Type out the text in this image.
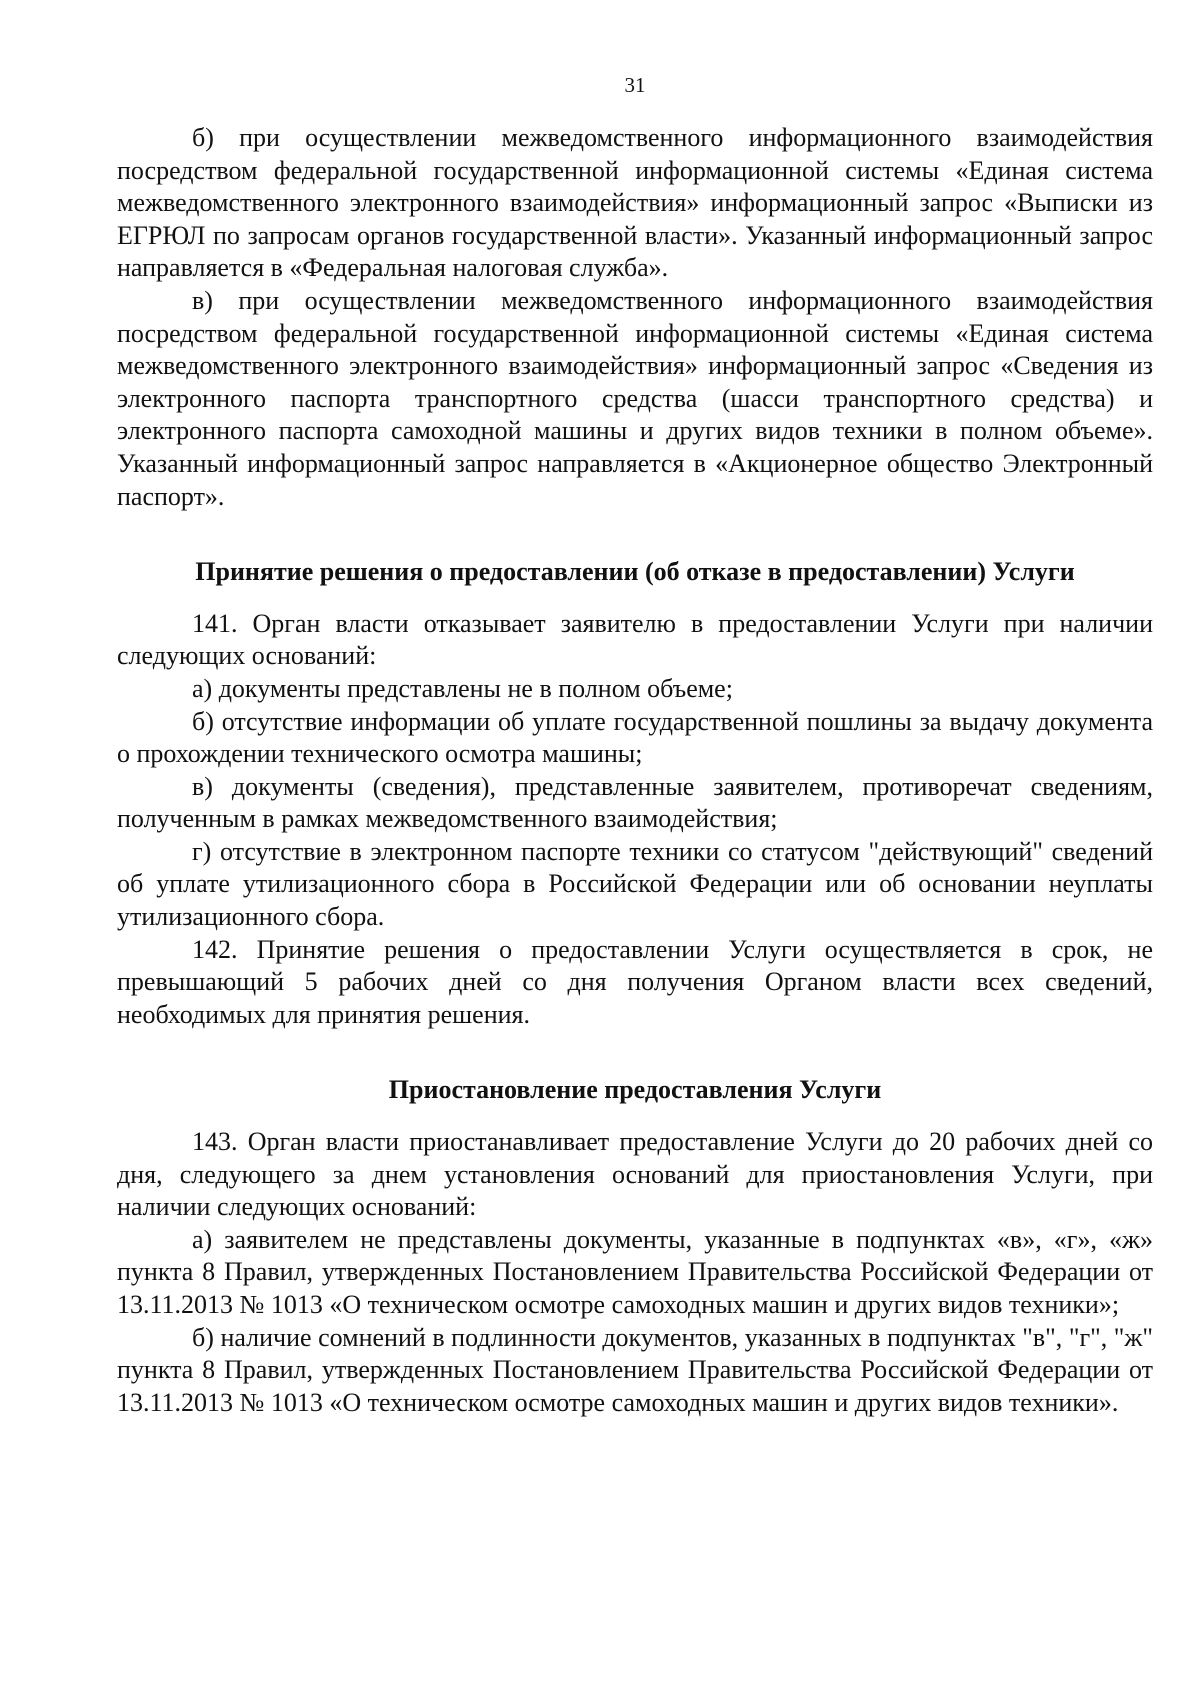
31

б) при осуществлении межведомственного информационного взаимодействия посредством федеральной государственной информационной системы «Единая система межведомственного электронного взаимодействия» информационный запрос «Выписки из ЕГРЮЛ по запросам органов государственной власти». Указанный информационный запрос направляется в «Федеральная налоговая служба».

в) при осуществлении межведомственного информационного взаимодействия посредством федеральной государственной информационной системы «Единая система межведомственного электронного взаимодействия» информационный запрос «Сведения из электронного паспорта транспортного средства (шасси транспортного средства) и электронного паспорта самоходной машины и других видов техники в полном объеме». Указанный информационный запрос направляется в «Акционерное общество Электронный паспорт».

Принятие решения о предоставлении (об отказе в предоставлении) Услуги

141. Орган власти отказывает заявителю в предоставлении Услуги при наличии следующих оснований:

а) документы представлены не в полном объеме;

б) отсутствие информации об уплате государственной пошлины за выдачу документа о прохождении технического осмотра машины;

в) документы (сведения), представленные заявителем, противоречат сведениям, полученным в рамках межведомственного взаимодействия;

г) отсутствие в электронном паспорте техники со статусом "действующий" сведений об уплате утилизационного сбора в Российской Федерации или об основании неуплаты утилизационного сбора.

142. Принятие решения о предоставлении Услуги осуществляется в срок, не превышающий 5 рабочих дней со дня получения Органом власти всех сведений, необходимых для принятия решения.

Приостановление предоставления Услуги

143. Орган власти приостанавливает предоставление Услуги до 20 рабочих дней со дня, следующего за днем установления оснований для приостановления Услуги, при наличии следующих оснований:

а) заявителем не представлены документы, указанные в подпунктах «в», «г», «ж» пункта 8 Правил, утвержденных Постановлением Правительства Российской Федерации от 13.11.2013 № 1013 «О техническом осмотре самоходных машин и других видов техники»;

б) наличие сомнений в подлинности документов, указанных в подпунктах "в", "г", "ж" пункта 8 Правил, утвержденных Постановлением Правительства Российской Федерации от 13.11.2013 № 1013 «О техническом осмотре самоходных машин и других видов техники».
